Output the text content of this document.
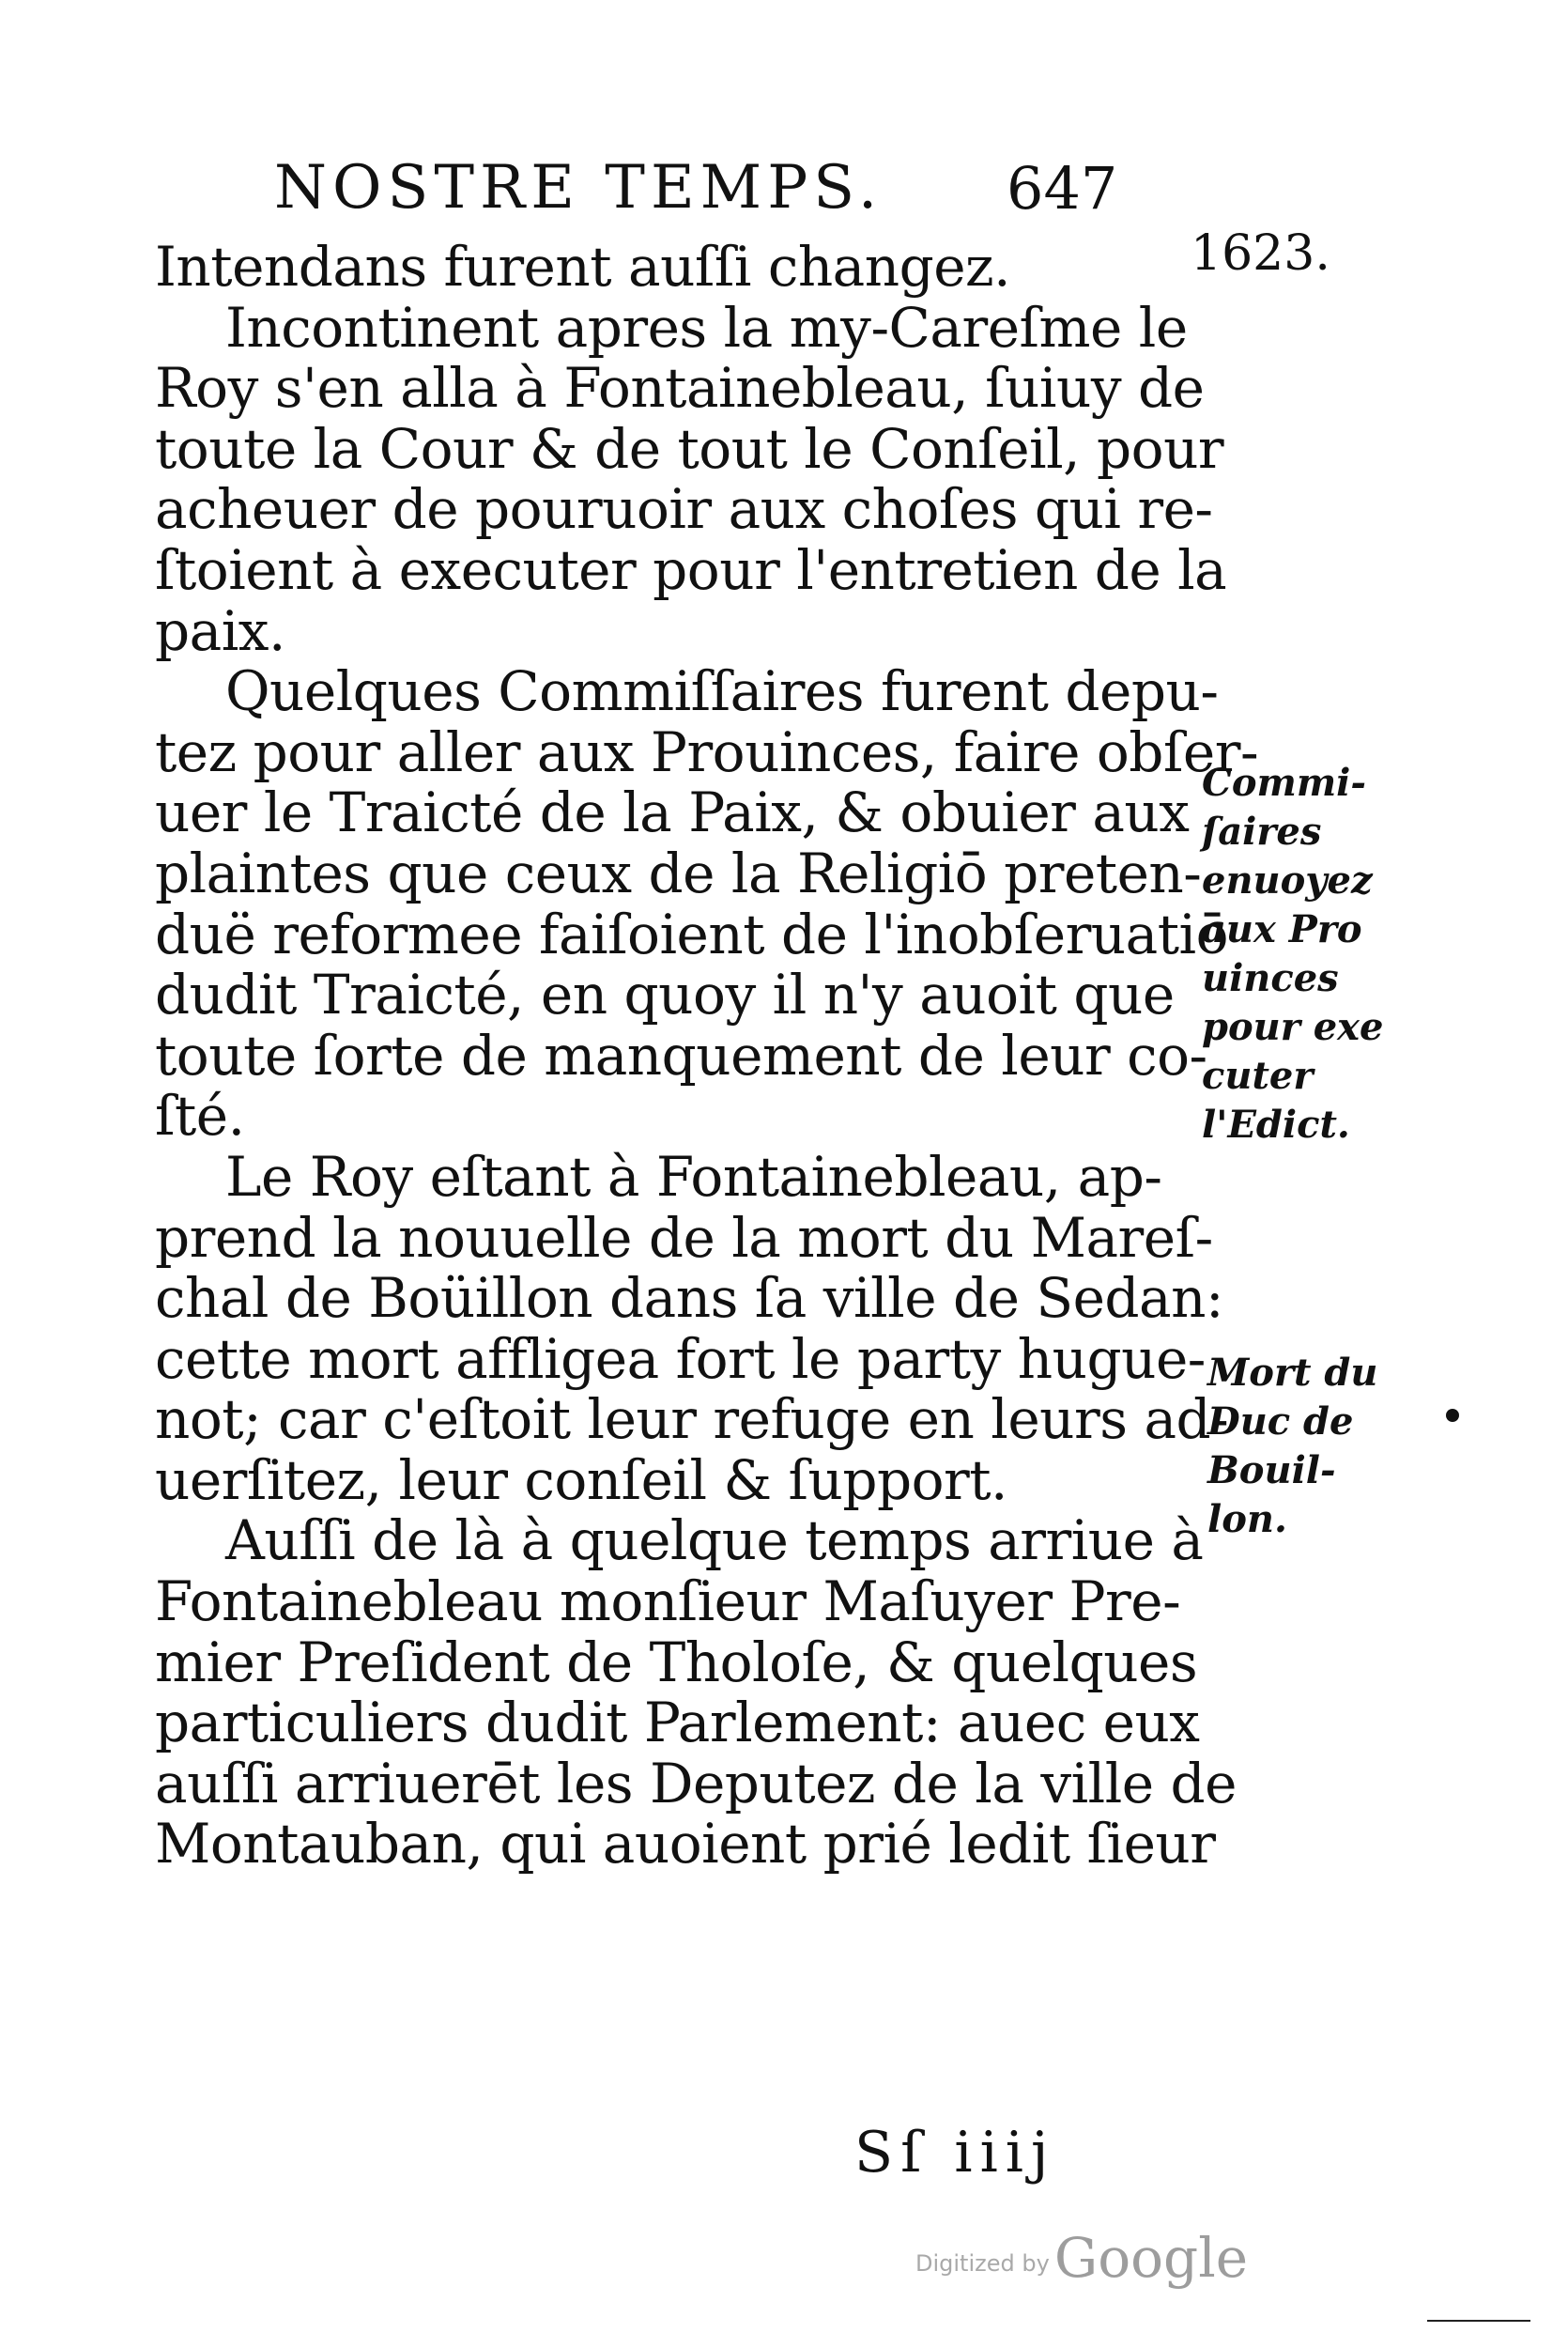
NOSTRE TEMPS. 647
1623.
Intendans furent auſſi changez.
Incontinent apres la my-Careſme le
Roy s'en alla à Fontainebleau, ſuiuy de
toute la Cour & de tout le Conſeil, pour
acheuer de pouruoir aux choſes qui re-
ſtoient à executer pour l'entretien de la
paix.
Quelques Commiſſaires furent depu-
tez pour aller aux Prouinces, faire obſer-
uer le Traicté de la Paix, & obuier aux
plaintes que ceux de la Religiō preten-
duë reformee faiſoient de l'inobſeruatiō
dudit Traicté, en quoy il n'y auoit que
toute ſorte de manquement de leur co-
ſté.
Le Roy eſtant à Fontainebleau, ap-
prend la nouuelle de la mort du Mareſ-
chal de Boüillon dans ſa ville de Sedan:
cette mort affligea fort le party hugue-
not; car c'eſtoit leur refuge en leurs ad-
uerſitez, leur conſeil & ſupport.
Auſſi de là à quelque temps arriue à
Fontainebleau monſieur Maſuyer Pre-
mier Preſident de Tholoſe, & quelques
particuliers dudit Parlement: auec eux
auſſi arriuerēt les Deputez de la ville de
Montauban, qui auoient prié ledit ſieur
Commi-
ſaires
enuoyez
aux Pro
uinces
pour exe
cuter
l'Edict.
Mort du
Duc de
Bouil-
lon.
Sſ iiij
Digitized by Google
